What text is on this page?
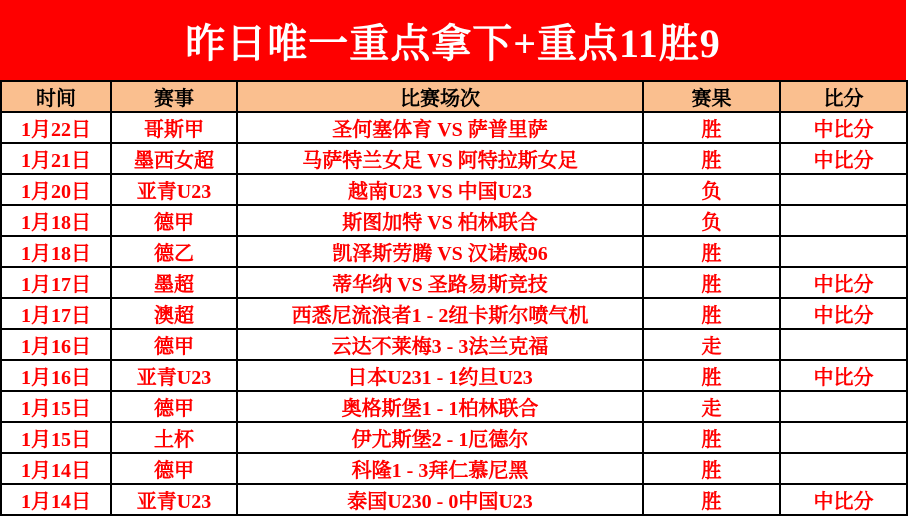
昨日唯一重点拿下+重点11胜9
时间	赛事	比赛场次	赛果	比分
1月22日	哥斯甲	圣何塞体育 VS 萨普里萨	胜	中比分
1月21日	墨西女超	马萨特兰女足 VS 阿特拉斯女足	胜	中比分
1月20日	亚青U23	越南U23 VS 中国U23	负	
1月18日	德甲	斯图加特 VS 柏林联合	负	
1月18日	德乙	凯泽斯劳腾 VS 汉诺威96	胜	
1月17日	墨超	蒂华纳 VS 圣路易斯竞技	胜	中比分
1月17日	澳超	西悉尼流浪者1 - 2纽卡斯尔喷气机	胜	中比分
1月16日	德甲	云达不莱梅3 - 3法兰克福	走	
1月16日	亚青U23	日本U231 - 1约旦U23	胜	中比分
1月15日	德甲	奥格斯堡1 - 1柏林联合	走	
1月15日	土杯	伊尤斯堡2 - 1厄德尔	胜	
1月14日	德甲	科隆1 - 3拜仁慕尼黑	胜	
1月14日	亚青U23	泰国U230 - 0中国U23	胜	中比分
